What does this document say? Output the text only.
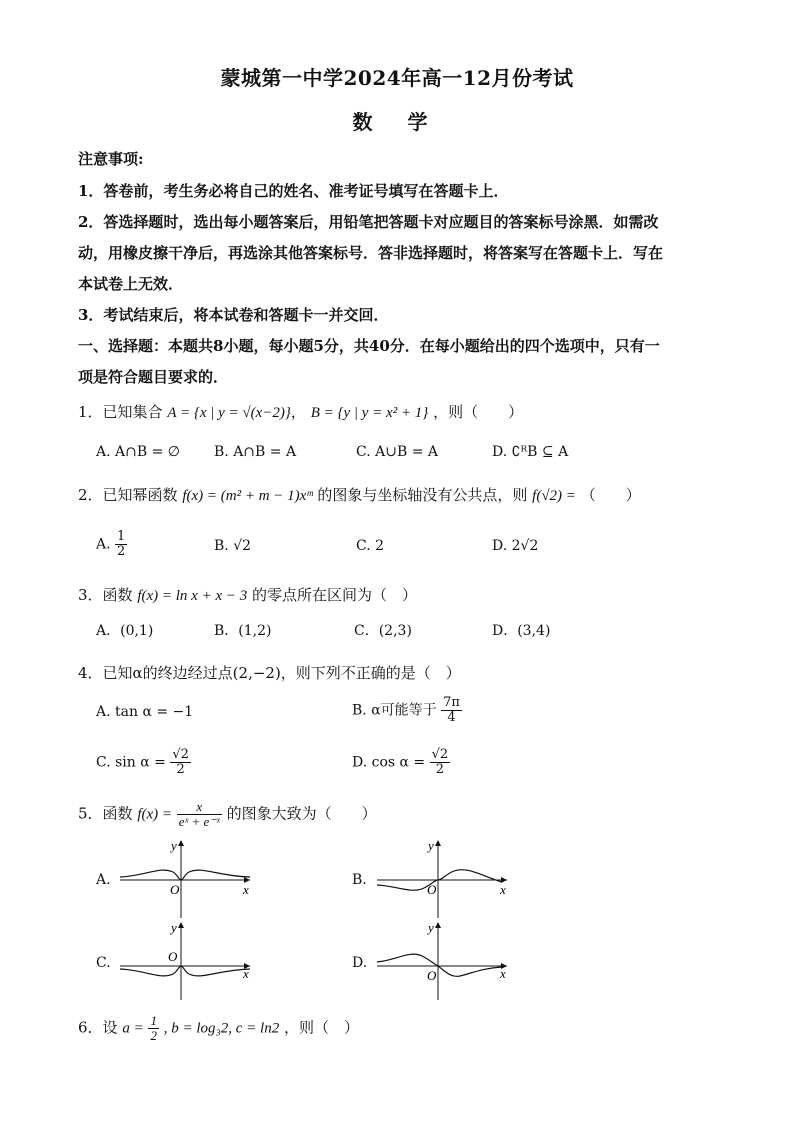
蒙城第一中学2024年高一12月份考试
数 学
注意事项:
1．答卷前，考生务必将自己的姓名、准考证号填写在答题卡上．
2．答选择题时，选出每小题答案后，用铅笔把答题卡对应题目的答案标号涂黑．如需改
动，用橡皮擦干净后，再选涂其他答案标号．答非选择题时，将答案写在答题卡上．写在
本试卷上无效．
3．考试结束后，将本试卷和答题卡一并交回．
一、选择题：本题共8小题，每小题5分，共40分．在每小题给出的四个选项中，只有一
项是符合题目要求的．
1．已知集合 A = {x | y = √(x−2)}， B = {y | y = x² + 1} ，则（　　）
A. A∩B = ∅ B. A∩B = A	C. A∪B = A	D. ∁ᴿB ⊆ A
2．已知幂函数 f(x) = (m² + m − 1)xᵐ 的图象与坐标轴没有公共点，则 f(√2) = （　　）
A. $\frac{1}{2}$	B. √2	C. 2	D. 2√2
3．函数 f(x) = ln x + x − 3 的零点所在区间为（　）
A．(0,1)	B．(1,2)	C．(2,3)	D．(3,4)
4．已知α的终边经过点(2,−2)，则下列不正确的是（　）
A. tan α = −1	B. α可能等于 $\frac{7\pi}{4}$
C. $\sin \alpha = \frac{√2}{2}$	D. $\cos \alpha = \frac{√2}{2}$
5．函数 $f(x) = \frac{x}{\text{eˣ + e⁻ˣ}}$ 的图象大致为（　　）
A.	B.
C.	D.
y
x
O
y
x
O
y
x
O
y
x
O
6．设 $a = \frac{1}{2}$ , b = log₃2, c = ln2 ，则（　）
